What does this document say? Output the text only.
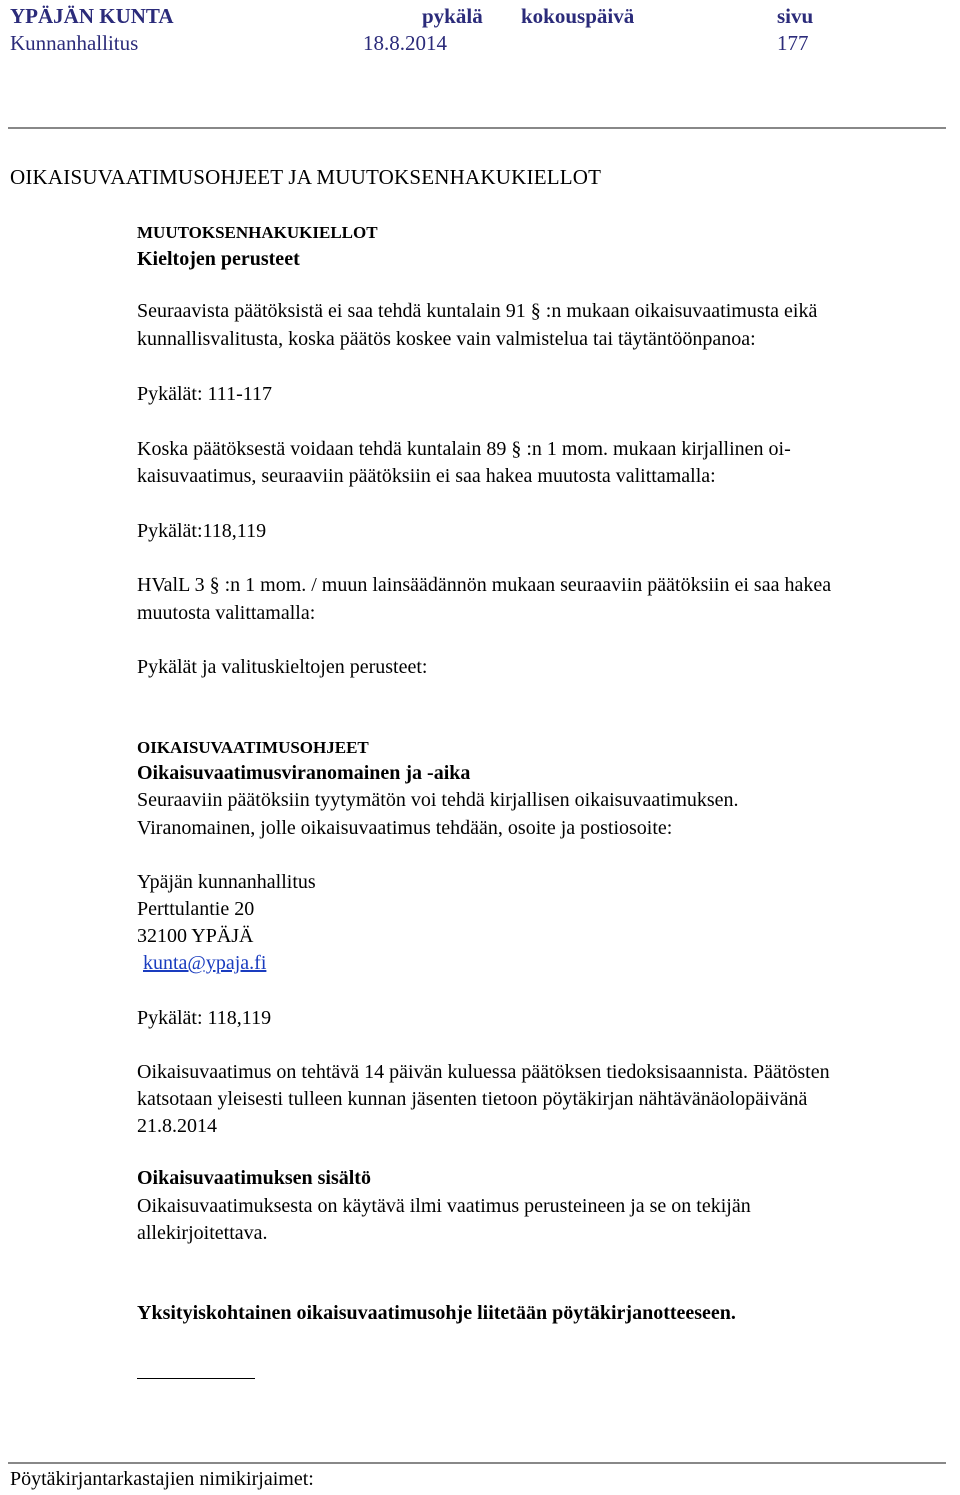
YPÄJÄN KUNTA	pykälä kokouspäivä	sivu
Kunnanhallitus	18.8.2014	177
OIKAISUVAATIMUSOHJEET JA MUUTOKSENHAKUKIELLOT
MUUTOKSENHAKUKIELLOT
Kieltojen perusteet
Seuraavista päätöksistä ei saa tehdä kuntalain 91 § :n mukaan oikaisuvaatimusta eikä
kunnallisvalitusta, koska päätös koskee vain valmistelua tai täytäntöönpanoa:
Pykälät: 111-117
Koska päätöksestä voidaan tehdä kuntalain 89 § :n 1 mom. mukaan kirjallinen oi-
kaisuvaatimus, seuraaviin päätöksiin ei saa hakea muutosta valittamalla:
Pykälät:118,119
HValL 3 § :n 1 mom. / muun lainsäädännön mukaan seuraaviin päätöksiin ei saa hakea
muutosta valittamalla:
Pykälät ja valituskieltojen perusteet:
OIKAISUVAATIMUSOHJEET
Oikaisuvaatimusviranomainen ja -aika
Seuraaviin päätöksiin tyytymätön voi tehdä kirjallisen oikaisuvaatimuksen.
Viranomainen, jolle oikaisuvaatimus tehdään, osoite ja postiosoite:
Ypäjän kunnanhallitus
Perttulantie 20
32100 YPÄJÄ
kunta@ypaja.fi
Pykälät: 118,119
Oikaisuvaatimus on tehtävä 14 päivän kuluessa päätöksen tiedoksisaannista. Päätösten
katsotaan yleisesti tulleen kunnan jäsenten tietoon pöytäkirjan nähtävänäolopäivänä
21.8.2014
Oikaisuvaatimuksen sisältö
Oikaisuvaatimuksesta on käytävä ilmi vaatimus perusteineen ja se on tekijän
allekirjoitettava.
Yksityiskohtainen oikaisuvaatimusohje liitetään pöytäkirjanotteeseen.
Pöytäkirjantarkastajien nimikirjaimet:
